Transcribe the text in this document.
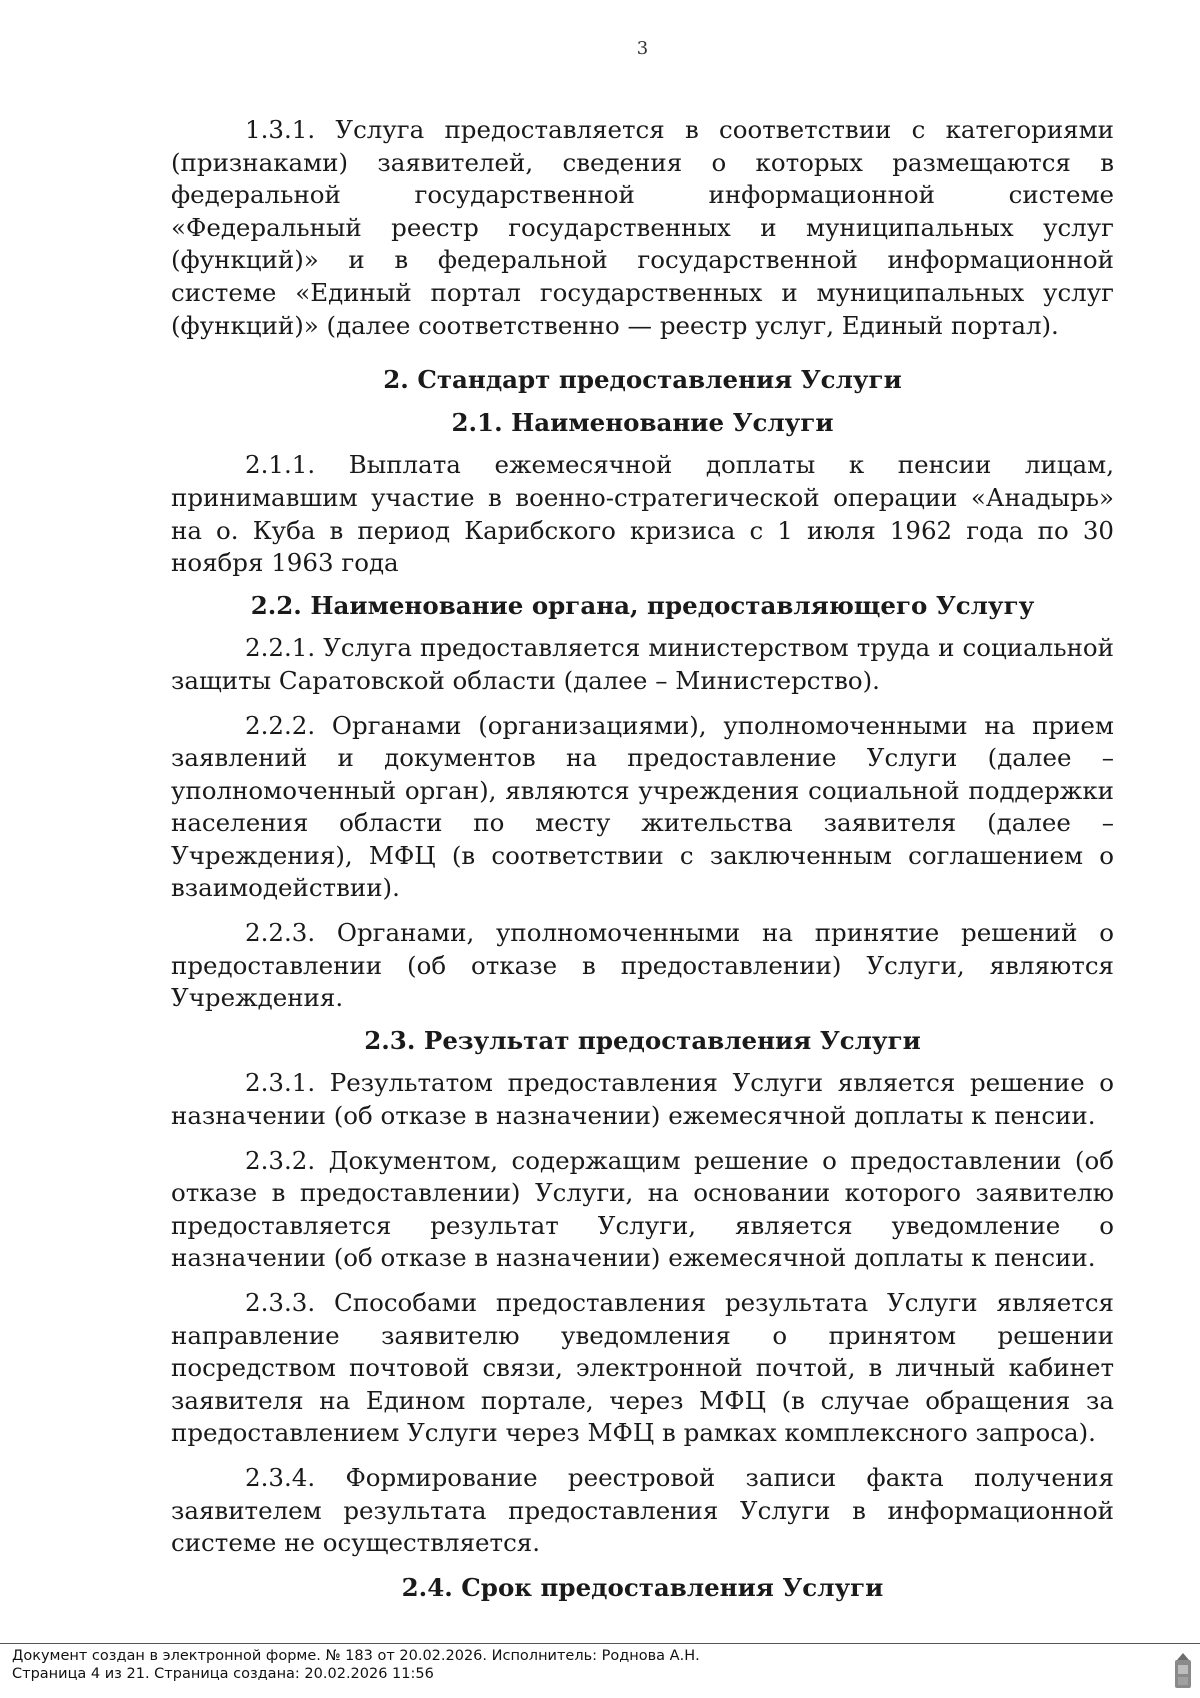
3

1.3.1. Услуга предоставляется в соответствии с категориями (признаками) заявителей, сведения о которых размещаются в федеральной государственной информационной системе «Федеральный реестр государственных и муниципальных услуг (функций)» и в федеральной государственной информационной системе «Единый портал государственных и муниципальных услуг (функций)» (далее соответственно — реестр услуг, Единый портал).

2. Стандарт предоставления Услуги

2.1. Наименование Услуги

2.1.1. Выплата ежемесячной доплаты к пенсии лицам, принимавшим участие в военно-стратегической операции «Анадырь» на о. Куба в период Карибского кризиса с 1 июля 1962 года по 30 ноября 1963 года

2.2. Наименование органа, предоставляющего Услугу

2.2.1. Услуга предоставляется министерством труда и социальной защиты Саратовской области (далее – Министерство).

2.2.2. Органами (организациями), уполномоченными на прием заявлений и документов на предоставление Услуги (далее – уполномоченный орган), являются учреждения социальной поддержки населения области по месту жительства заявителя (далее – Учреждения), МФЦ (в соответствии с заключенным соглашением о взаимодействии).

2.2.3. Органами, уполномоченными на принятие решений о предоставлении (об отказе в предоставлении) Услуги, являются Учреждения.

2.3. Результат предоставления Услуги

2.3.1. Результатом предоставления Услуги является решение о назначении (об отказе в назначении) ежемесячной доплаты к пенсии.

2.3.2. Документом, содержащим решение о предоставлении (об отказе в предоставлении) Услуги, на основании которого заявителю предоставляется результат Услуги, является уведомление о назначении (об отказе в назначении) ежемесячной доплаты к пенсии.

2.3.3. Способами предоставления результата Услуги является направление заявителю уведомления о принятом решении посредством почтовой связи, электронной почтой, в личный кабинет заявителя на Едином портале, через МФЦ (в случае обращения за предоставлением Услуги через МФЦ в рамках комплексного запроса).

2.3.4. Формирование реестровой записи факта получения заявителем результата предоставления Услуги в информационной системе не осуществляется.

2.4. Срок предоставления Услуги

Документ создан в электронной форме. № 183 от 20.02.2026. Исполнитель: Роднова А.Н.
Страница 4 из 21. Страница создана: 20.02.2026 11:56
